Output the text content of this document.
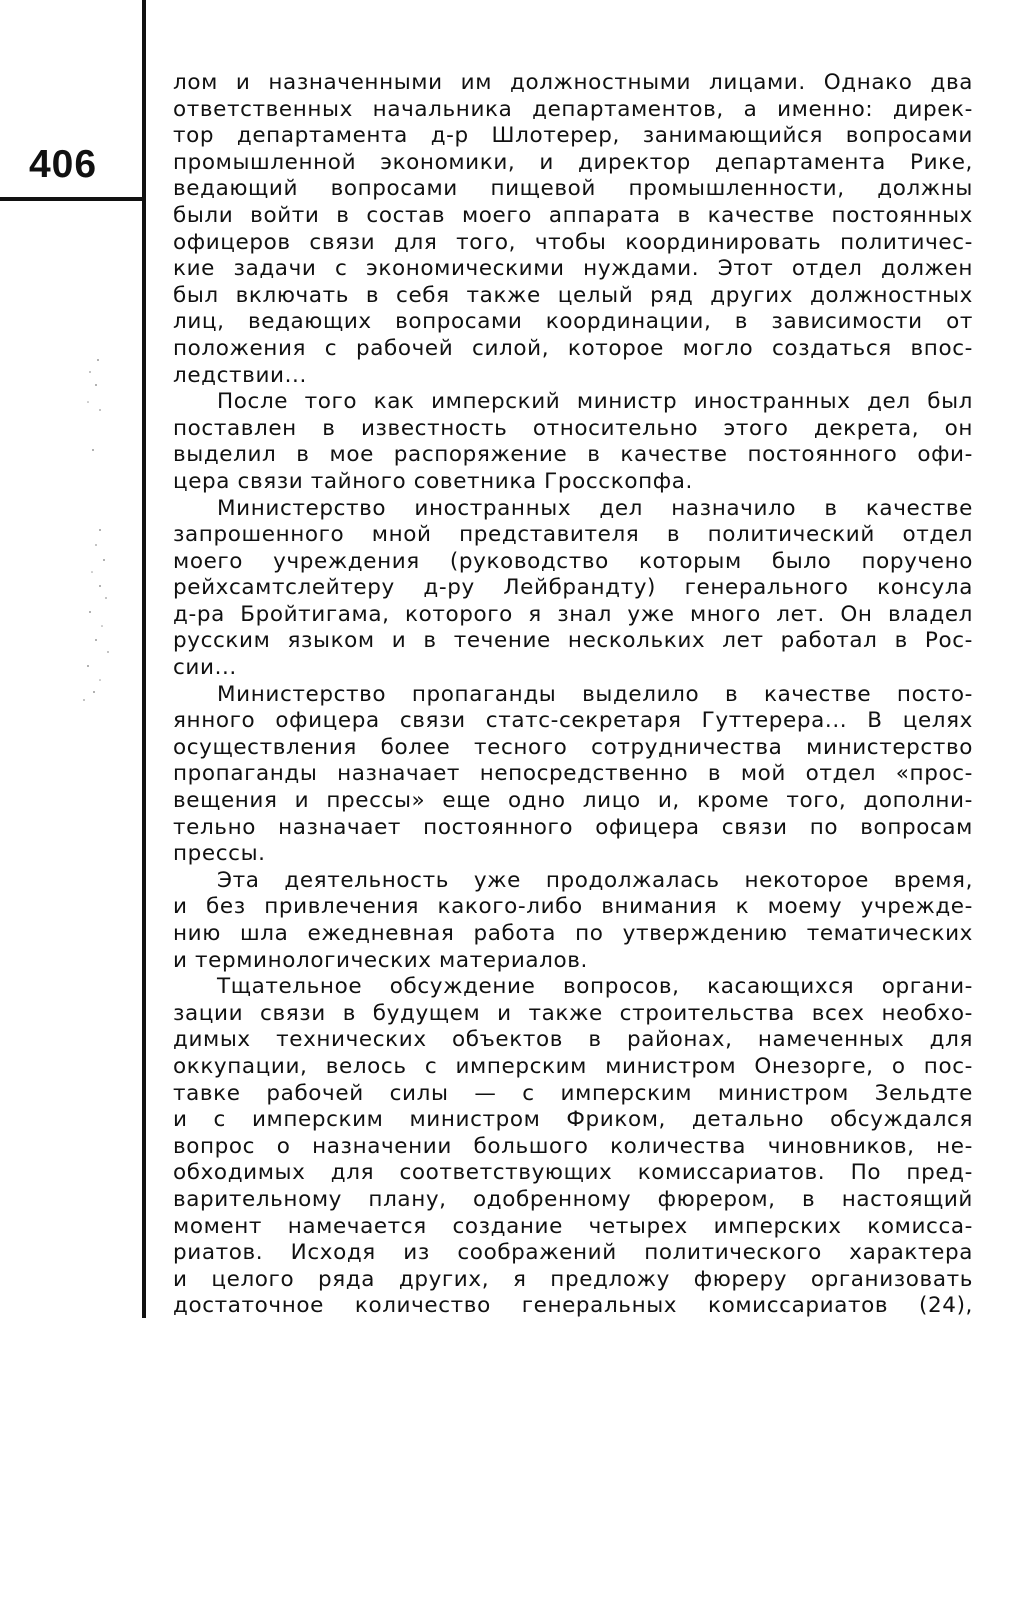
406
лом и назначенными им должностными лицами. Однако два
ответственных начальника департаментов, а именно: дирек-
тор департамента д-р Шлотерер, занимающийся вопросами
промышленной экономики, и директор департамента Рике,
ведающий вопросами пищевой промышленности, должны
были войти в состав моего аппарата в качестве постоянных
офицеров связи для того, чтобы координировать политичес-
кие задачи с экономическими нуждами. Этот отдел должен
был включать в себя также целый ряд других должностных
лиц, ведающих вопросами координации, в зависимости от
положения с рабочей силой, которое могло создаться впос-
ледствии...
После того как имперский министр иностранных дел был
поставлен в известность относительно этого декрета, он
выделил в мое распоряжение в качестве постоянного офи-
цера связи тайного советника Гросскопфа.
Министерство иностранных дел назначило в качестве
запрошенного мной представителя в политический отдел
моего учреждения (руководство которым было поручено
рейхсамтслейтеру д-ру Лейбрандту) генерального консула
д-ра Бройтигама, которого я знал уже много лет. Он владел
русским языком и в течение нескольких лет работал в Рос-
сии...
Министерство пропаганды выделило в качестве посто-
янного офицера связи статс-секретаря Гуттерера... В целях
осуществления более тесного сотрудничества министерство
пропаганды назначает непосредственно в мой отдел «прос-
вещения и прессы» еще одно лицо и, кроме того, дополни-
тельно назначает постоянного офицера связи по вопросам
прессы.
Эта деятельность уже продолжалась некоторое время,
и без привлечения какого-либо внимания к моему учрежде-
нию шла ежедневная работа по утверждению тематических
и терминологических материалов.
Тщательное обсуждение вопросов, касающихся органи-
зации связи в будущем и также строительства всех необхо-
димых технических объектов в районах, намеченных для
оккупации, велось с имперским министром Онезорге, о пос-
тавке рабочей силы — с имперским министром Зельдте
и с имперским министром Фриком, детально обсуждался
вопрос о назначении большого количества чиновников, не-
обходимых для соответствующих комиссариатов. По пред-
варительному плану, одобренному фюрером, в настоящий
момент намечается создание четырех имперских комисса-
риатов. Исходя из соображений политического характера
и целого ряда других, я предложу фюреру организовать
достаточное количество генеральных комиссариатов (24),
